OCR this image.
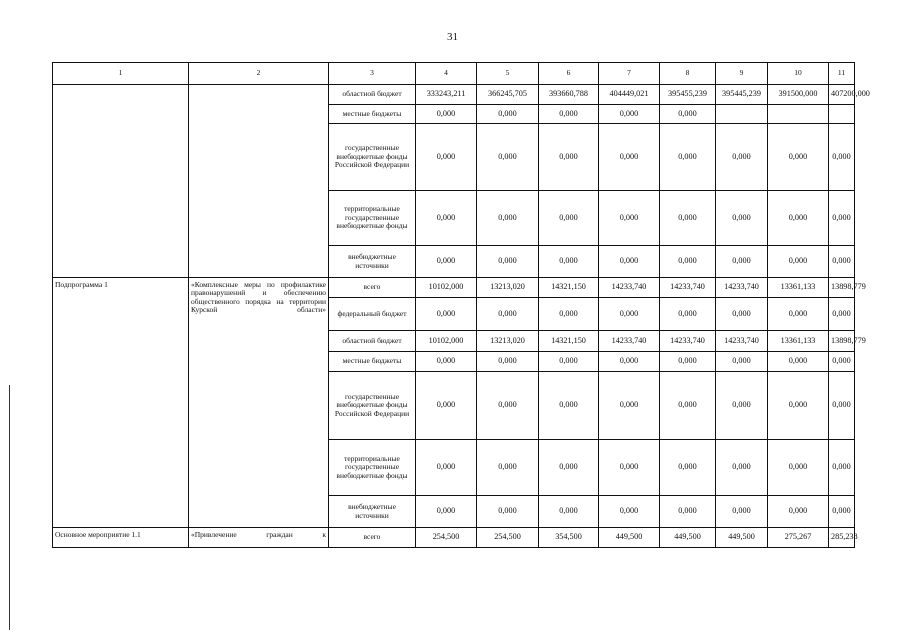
31
1	2	3	4	5	6	7	8	9	10	11
		областной бюджет	333243,211	366245,705	393660,788	404449,021	395455,239	395445,239	391500,000	407200,000
		местные бюджеты	0,000	0,000	0,000	0,000	0,000			
		государственные внебюджетные фонды Российской Федерации	0,000	0,000	0,000	0,000	0,000	0,000	0,000	0,000
		территориальные государственные внебюджетные фонды	0,000	0,000	0,000	0,000	0,000	0,000	0,000	0,000
		внебюджетные источники	0,000	0,000	0,000	0,000	0,000	0,000	0,000	0,000
Подпрограмма 1	«Комплексные меры по профилактике правонарушений и обеспечению общественного порядка на территории Курской области»	всего	10102,000	13213,020	14321,150	14233,740	14233,740	14233,740	13361,133	13898,779
		федеральный бюджет	0,000	0,000	0,000	0,000	0,000	0,000	0,000	0,000
		областной бюджет	10102,000	13213,020	14321,150	14233,740	14233,740	14233,740	13361,133	13898,779
		местные бюджеты	0,000	0,000	0,000	0,000	0,000	0,000	0,000	0,000
		государственные внебюджетные фонды Российской Федерации	0,000	0,000	0,000	0,000	0,000	0,000	0,000	0,000
		территориальные государственные внебюджетные фонды	0,000	0,000	0,000	0,000	0,000	0,000	0,000	0,000
		внебюджетные источники	0,000	0,000	0,000	0,000	0,000	0,000	0,000	0,000
Основное мероприятие 1.1	«Привлечение граждан к	всего	254,500	254,500	354,500	449,500	449,500	449,500	275,267	285,238
